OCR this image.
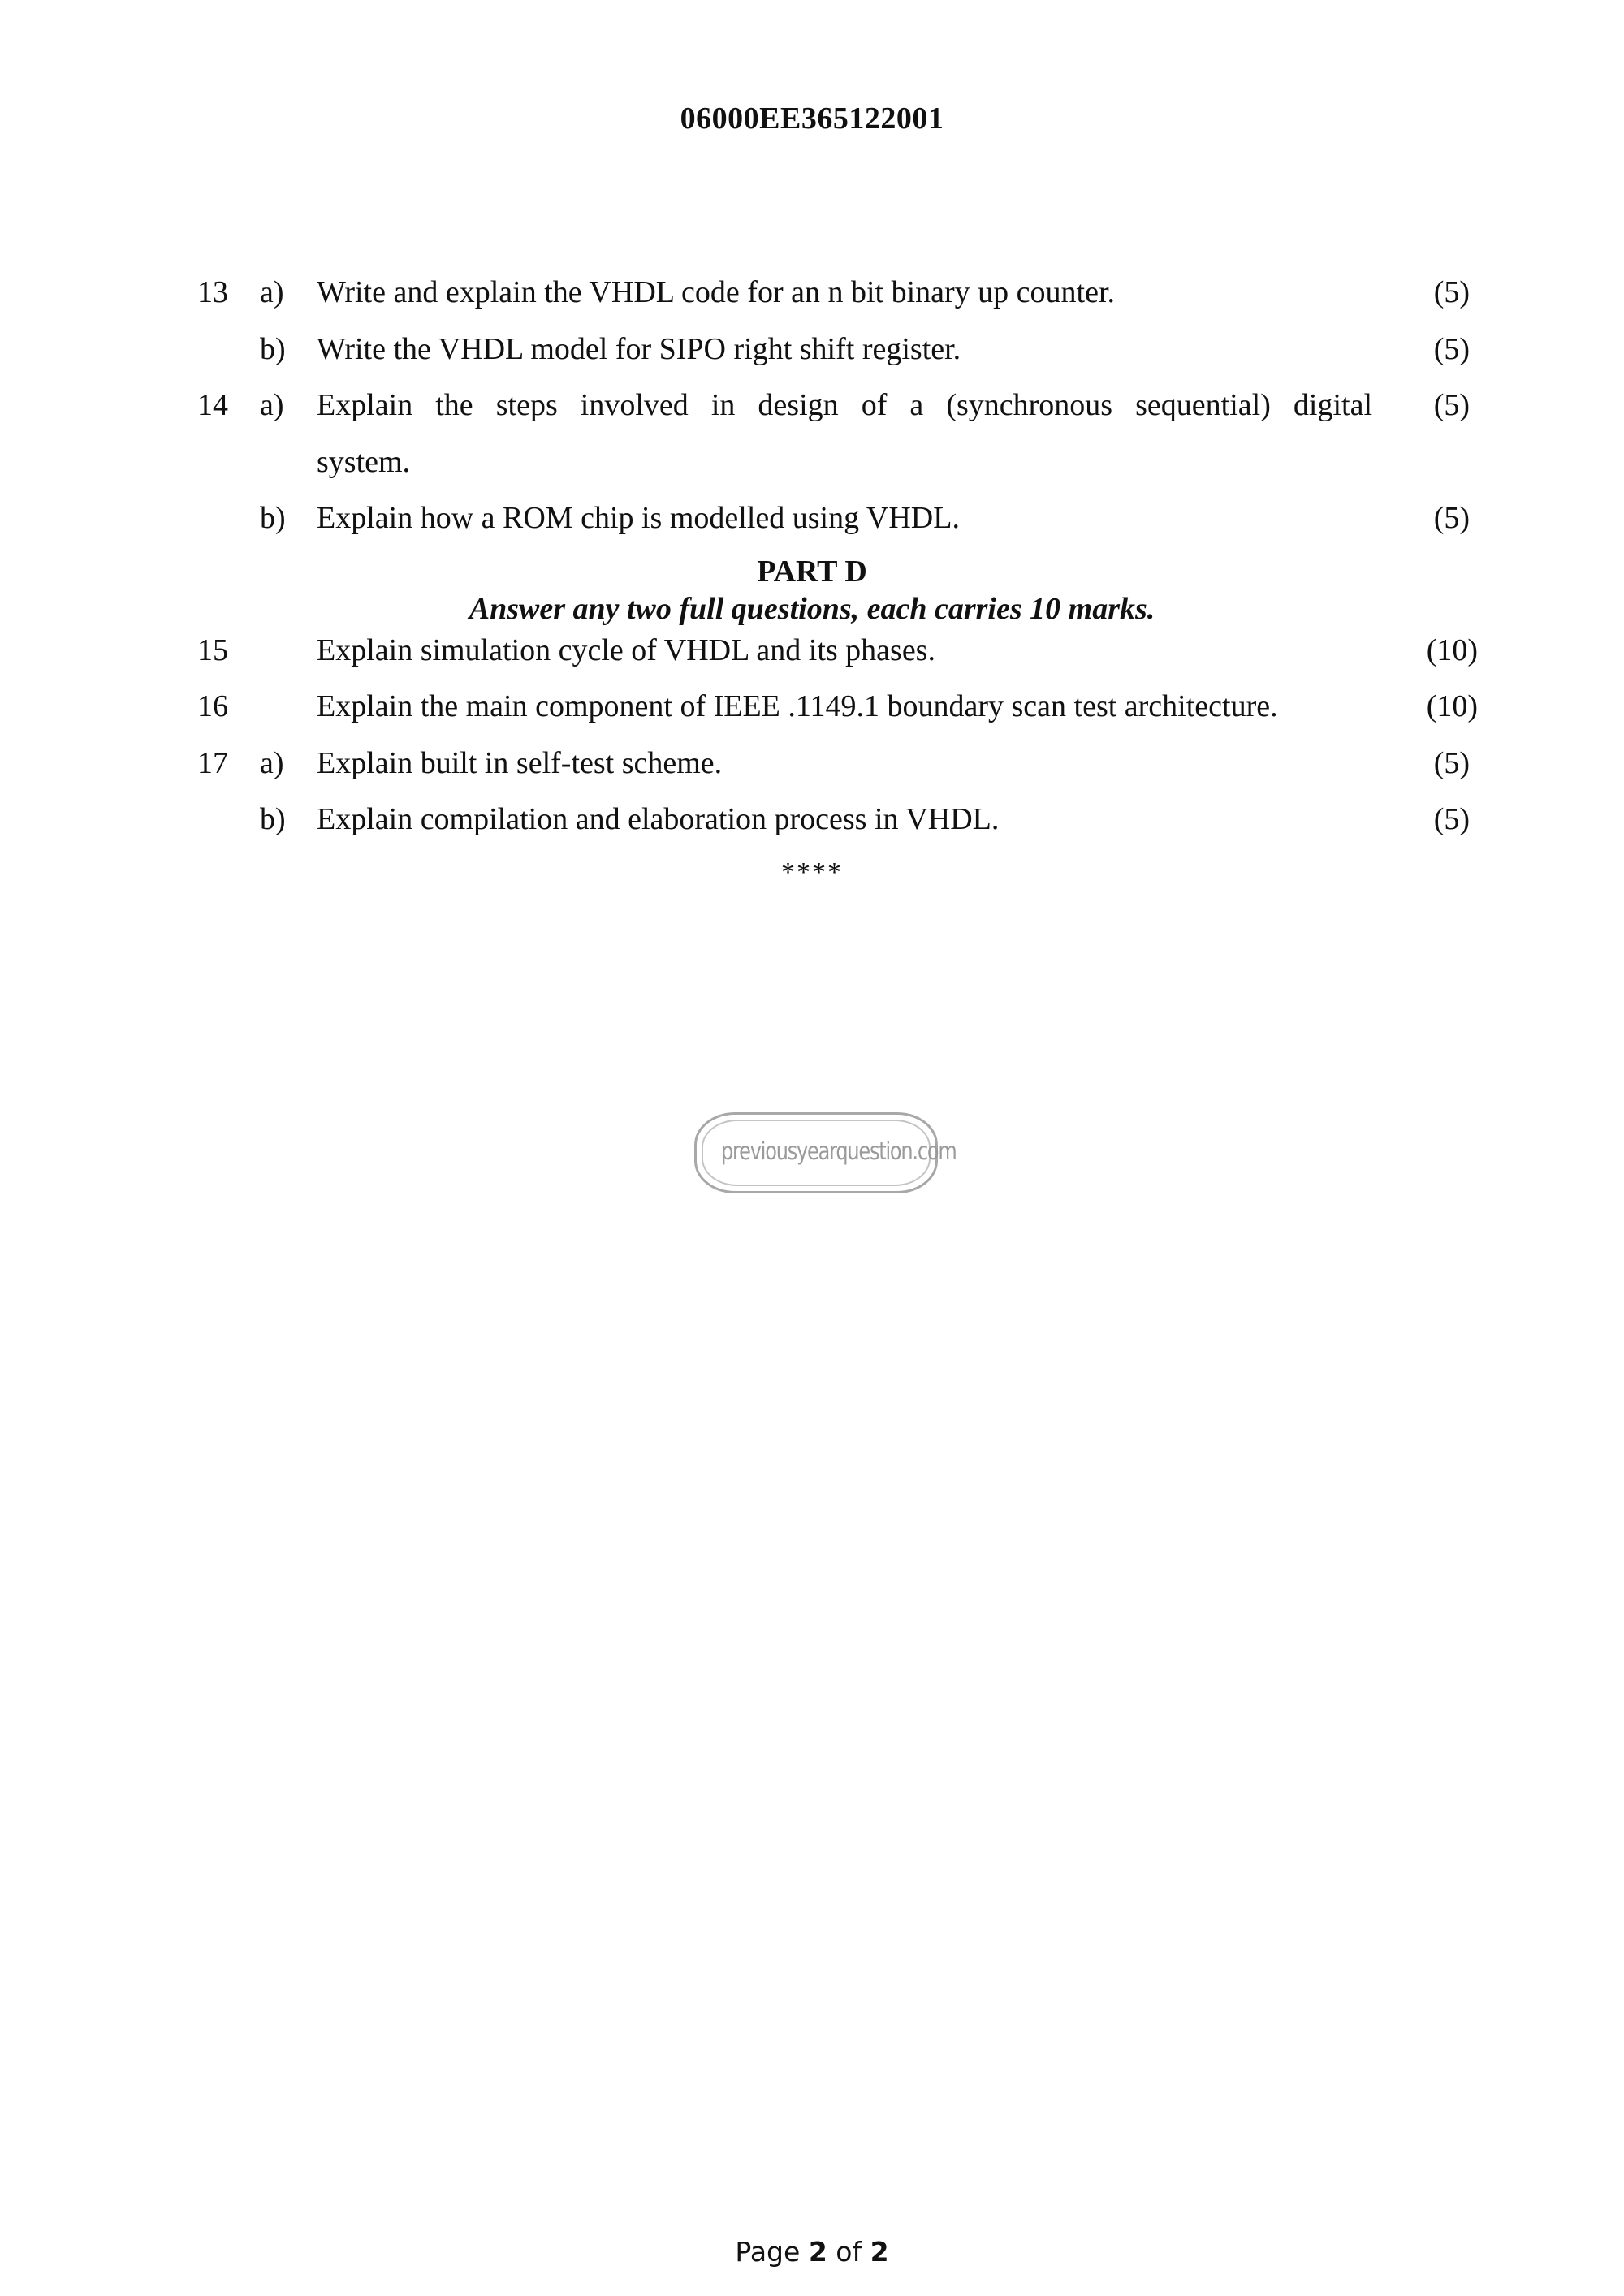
06000EE365122001
13	a)	Write and explain the VHDL code for an n bit binary up counter.	(5)
b)	Write the VHDL model for SIPO right shift register.	(5)
14	a)	Explain the steps involved in design of a (synchronous sequential) digital (5)
system.
b)	Explain how a ROM chip is modelled using VHDL.	(5)
PART D
Answer any two full questions, each carries 10 marks.
15	Explain simulation cycle of VHDL and its phases.	(10)
16	Explain the main component of IEEE .1149.1 boundary scan test architecture.	(10)
17	a)	Explain built in self-test scheme.	(5)
b)	Explain compilation and elaboration process in VHDL.	(5)
****
previousyearquestion.com
Page 2 of 2
